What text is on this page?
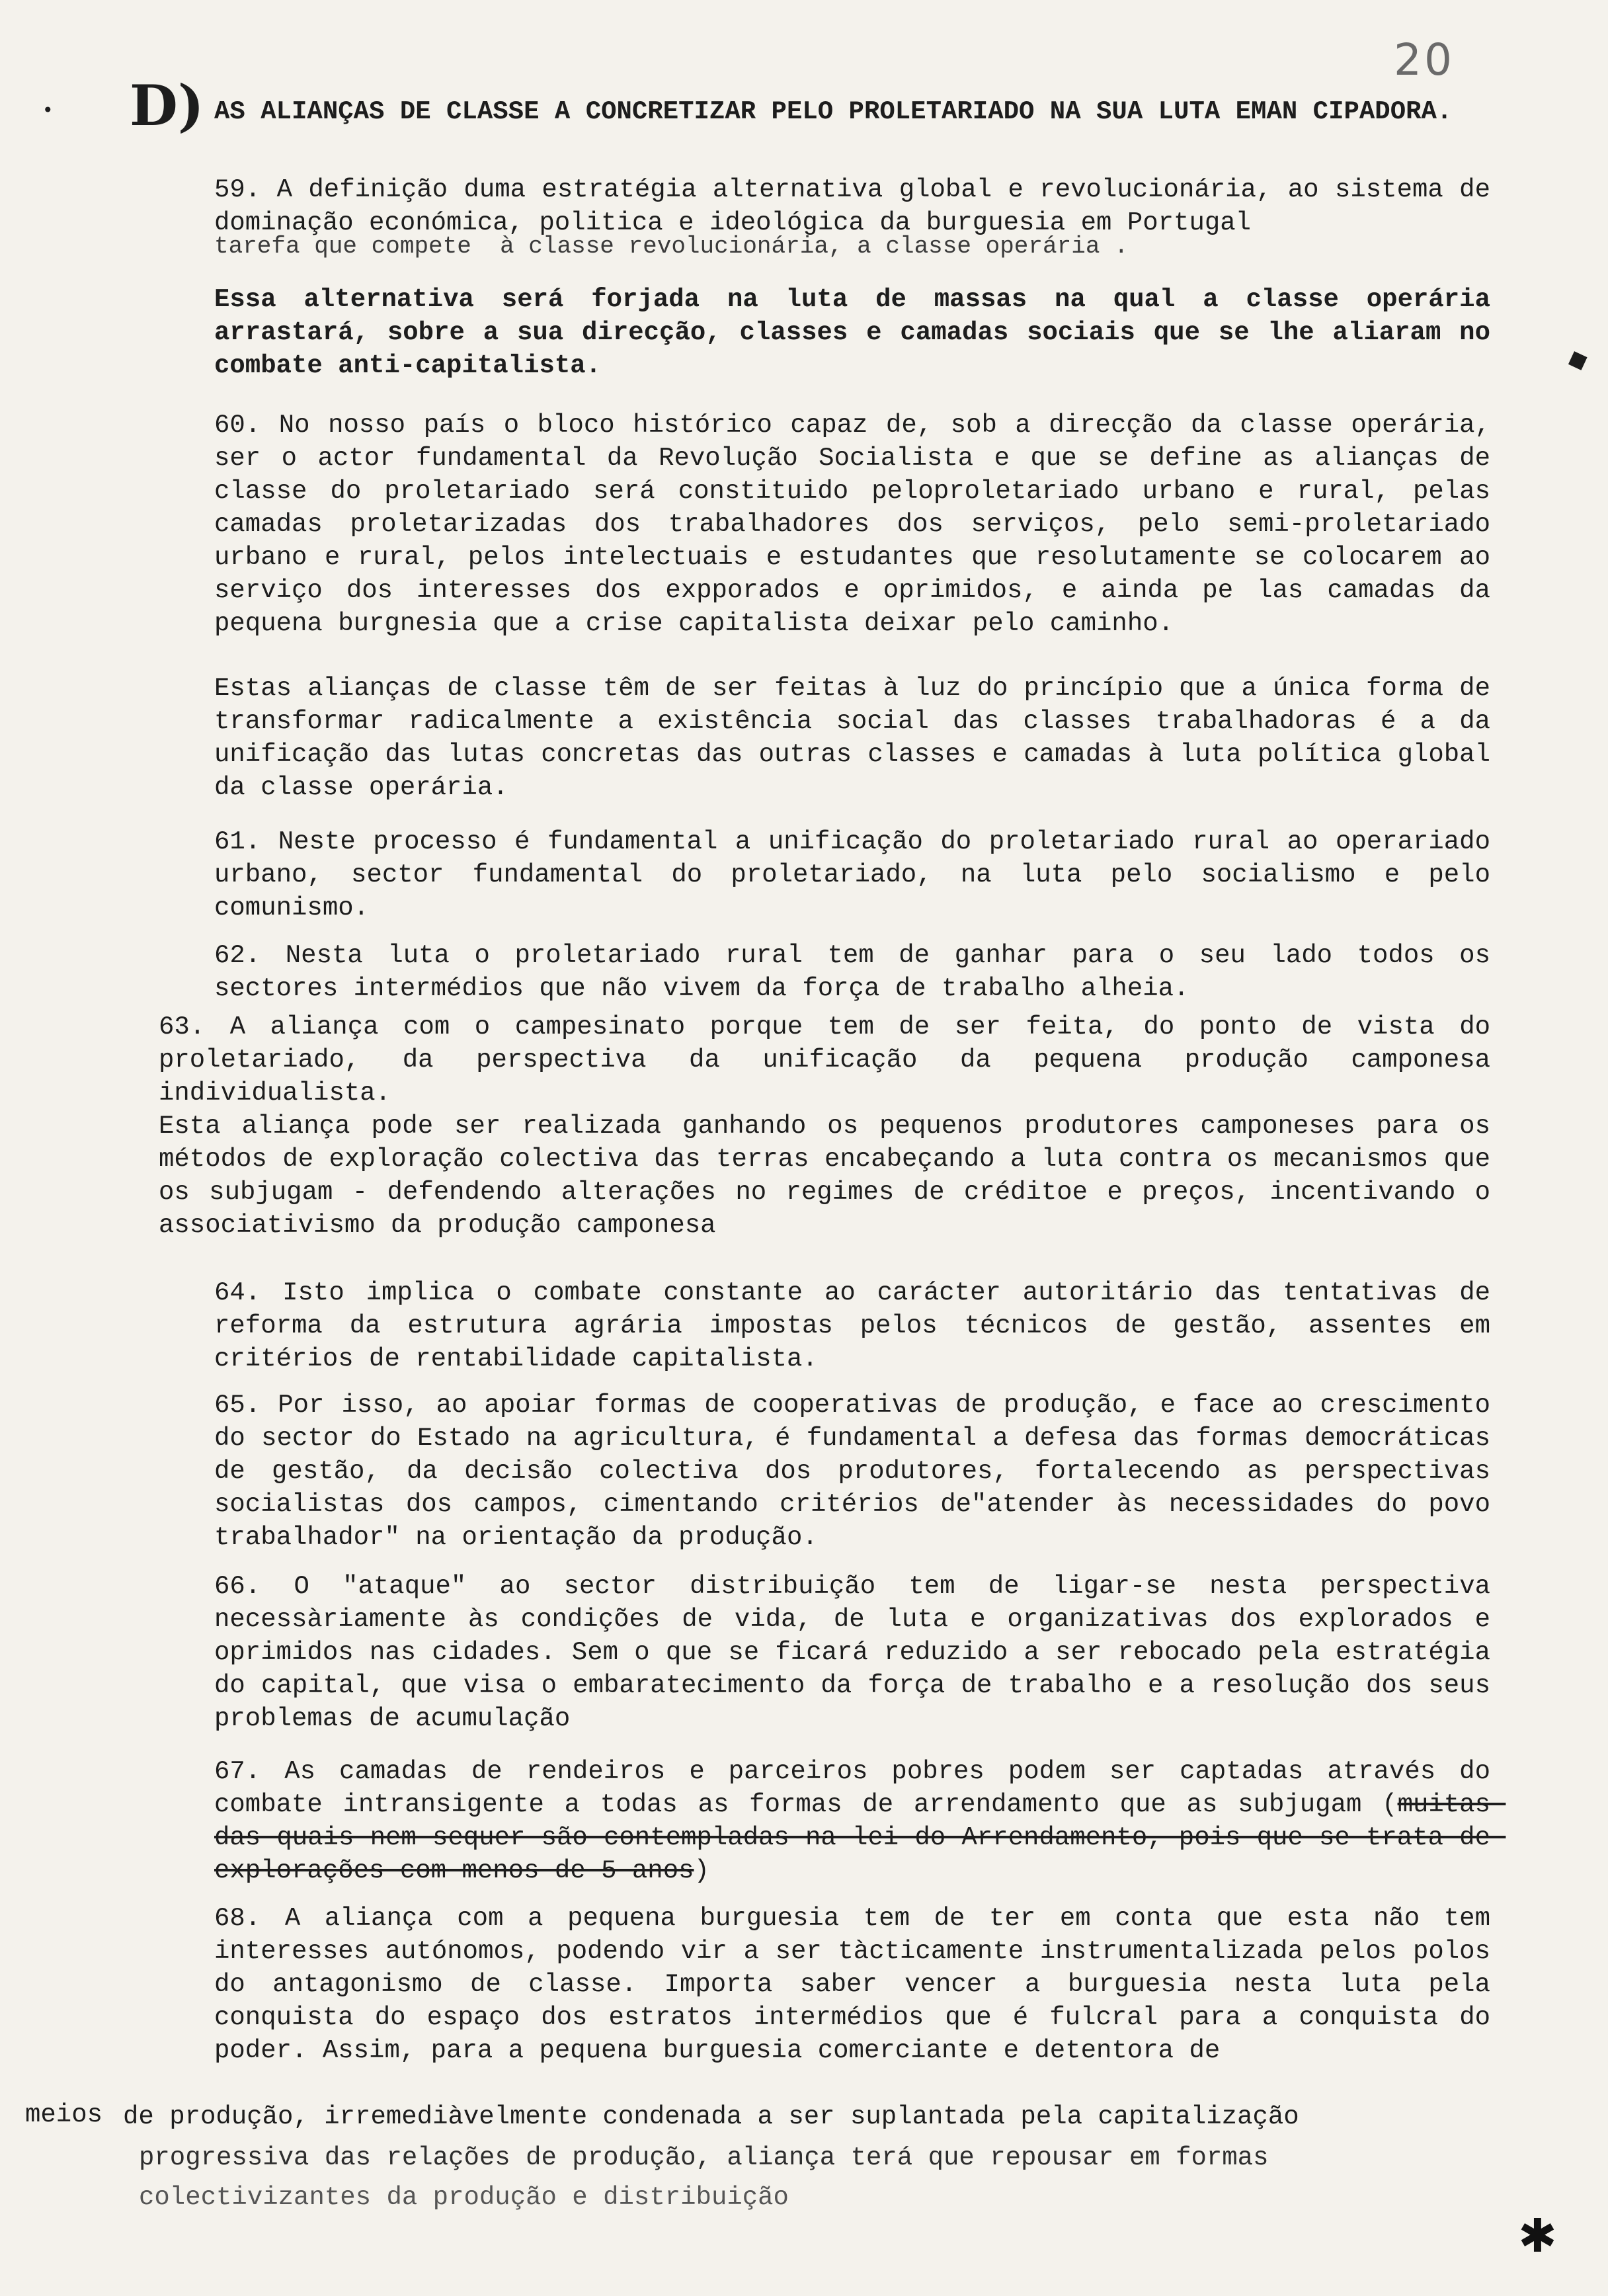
20
D) AS ALIANÇAS DE CLASSE A CONCRETIZAR PELO PROLETARIADO NA SUA LUTA EMAN CIPADORA.
59. A definição duma estratégia alternativa global e revolucionária, ao sistema de dominação económica, politica e ideológica da burguesia em Portugal
tarefa que compete  à classe revolucionária, a classe operária .
Essa alternativa será forjada na luta de massas na qual a classe operária arrastará, sobre a sua direcção, classes e camadas sociais que se lhe aliaram no combate anti-capitalista.
60. No nosso país o bloco histórico capaz de, sob a direcção da classe operária, ser o actor fundamental da Revolução Socialista e que se define as alianças de classe do proletariado será constituido peloproletariado urbano e rural, pelas camadas proletarizadas dos trabalhadores dos serviços, pelo semi-proletariado urbano e rural, pelos intelectuais e estudantes que resolutamente se colocarem ao serviço dos interesses dos expporados e oprimidos, e ainda pe las camadas da pequena burgnesia que a crise capitalista deixar pelo caminho.
Estas alianças de classe têm de ser feitas à luz do princípio que a única forma de transformar radicalmente a existência social das classes trabalhadoras é a da unificação das lutas concretas das outras classes e camadas à luta política global da classe operária.
61. Neste processo é fundamental a unificação do proletariado rural ao operariado urbano, sector fundamental do proletariado, na luta pelo socialismo e pelo comunismo.
62. Nesta luta o proletariado rural tem de ganhar para o seu lado todos os sectores intermédios que não vivem da força de trabalho alheia.
63. A aliança com o campesinato porque tem de ser feita, do ponto de vista do proletariado, da perspectiva da unificação da pequena produção camponesa individualista.
Esta aliança pode ser realizada ganhando os pequenos produtores camponeses para os métodos de exploração colectiva das terras encabeçando a luta contra os mecanismos que os subjugam - defendendo alterações no regimes de créditoe e preços, incentivando o associativismo da produção camponesa
64. Isto implica o combate constante ao carácter autoritário das tentativas de reforma da estrutura agrária impostas pelos técnicos de gestão, assentes em critérios de rentabilidade capitalista.
65. Por isso, ao apoiar formas de cooperativas de produção, e face ao crescimento do sector do Estado na agricultura, é fundamental a defesa das formas democráticas de gestão, da decisão colectiva dos produtores, fortalecendo as perspectivas socialistas dos campos, cimentando critérios de"atender às necessidades do povo trabalhador" na orientação da produção.
66. O "ataque" ao sector distribuição tem de ligar-se nesta perspectiva necessàriamente às condições de vida, de luta e organizativas dos explorados e oprimidos nas cidades. Sem o que se ficará reduzido a ser rebocado pela estratégia do capital, que visa o embaratecimento da força de trabalho e a resolução dos seus problemas de acumulação
67. As camadas de rendeiros e parceiros pobres podem ser captadas através do combate intransigente a todas as formas de arrendamento que as subjugam (muitas das quais nem sequer são contempladas na lei do Arrendamento, pois que se trata de explorações com menos de 5 anos)
68. A aliança com a pequena burguesia tem de ter em conta que esta não tem interesses autónomos, podendo vir a ser tàcticamente instrumentalizada pelos polos do antagonismo de classe. Importa saber vencer a burguesia nesta luta pela conquista do espaço dos estratos intermédios que é fulcral para a conquista do poder. Assim, para a pequena burguesia comerciante e detentora de
meios de produção, irremediàvelmente condenada a ser suplantada pela capitalização
progressiva das relações de produção, aliança terá que repousar em formas
colectivizantes da produção e distribuição
•
◆
✱
